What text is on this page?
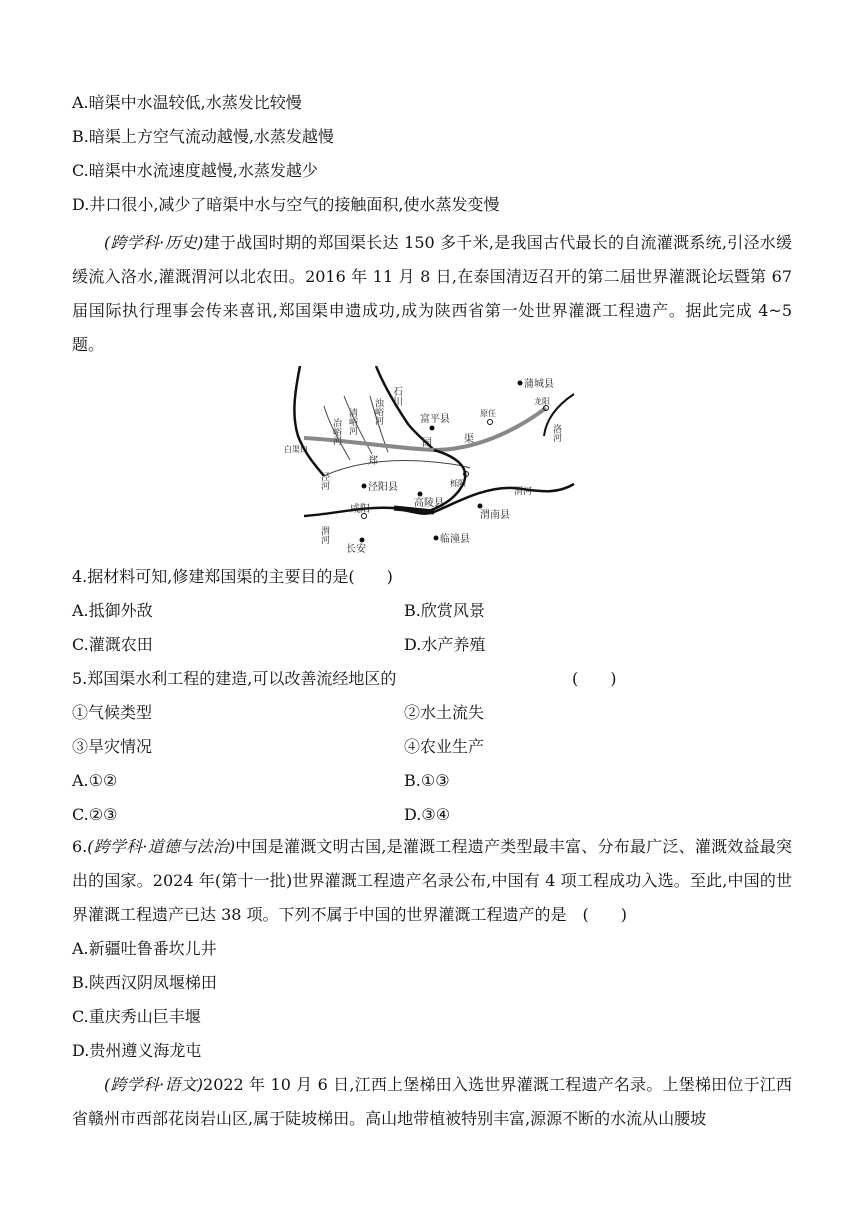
A.暗渠中水温较低,水蒸发比较慢
B.暗渠上方空气流动越慢,水蒸发越慢
C.暗渠中水流速度越慢,水蒸发越少
D.井口很小,减少了暗渠中水与空气的接触面积,使水蒸发变慢
(跨学科·历史)建于战国时期的郑国渠长达 150 多千米,是我国古代最长的自流灌溉系统,引泾水缓缓流入洛水,灌溉渭河以北农田。2016 年 11 月 8 日,在泰国清迈召开的第二届世界灌溉论坛暨第 67 届国际执行理事会传来喜讯,郑国渠申遗成功,成为陕西省第一处世界灌溉工程遗产。据此完成 4~5 题。
石川
蒲城县
龙阳
原任
富平县
洛河
冶峪河 清峪河 浊峪河
白渠口
国	渠
郑
泾河	泾阳县	栎阳
高陵县
渭河
咸阳
渭南县
渭河
长安
临潼县
4.据材料可知,修建郑国渠的主要目的是(　　)
A.抵御外敌	B.欣赏风景
C.灌溉农田	D.水产养殖
5.郑国渠水利工程的建造,可以改善流经地区的	(　　)
①气候类型	②水土流失
③旱灾情况	④农业生产
A.①②	B.①③
C.②③	D.③④
6.(跨学科·道德与法治)中国是灌溉文明古国,是灌溉工程遗产类型最丰富、分布最广泛、灌溉效益最突出的国家。2024 年(第十一批)世界灌溉工程遗产名录公布,中国有 4 项工程成功入选。至此,中国的世界灌溉工程遗产已达 38 项。下列不属于中国的世界灌溉工程遗产的是　(　　)
A.新疆吐鲁番坎儿井
B.陕西汉阴凤堰梯田
C.重庆秀山巨丰堰
D.贵州遵义海龙屯
(跨学科·语文)2022 年 10 月 6 日,江西上堡梯田入选世界灌溉工程遗产名录。上堡梯田位于江西省赣州市西部花岗岩山区,属于陡坡梯田。高山地带植被特别丰富,源源不断的水流从山腰坡
